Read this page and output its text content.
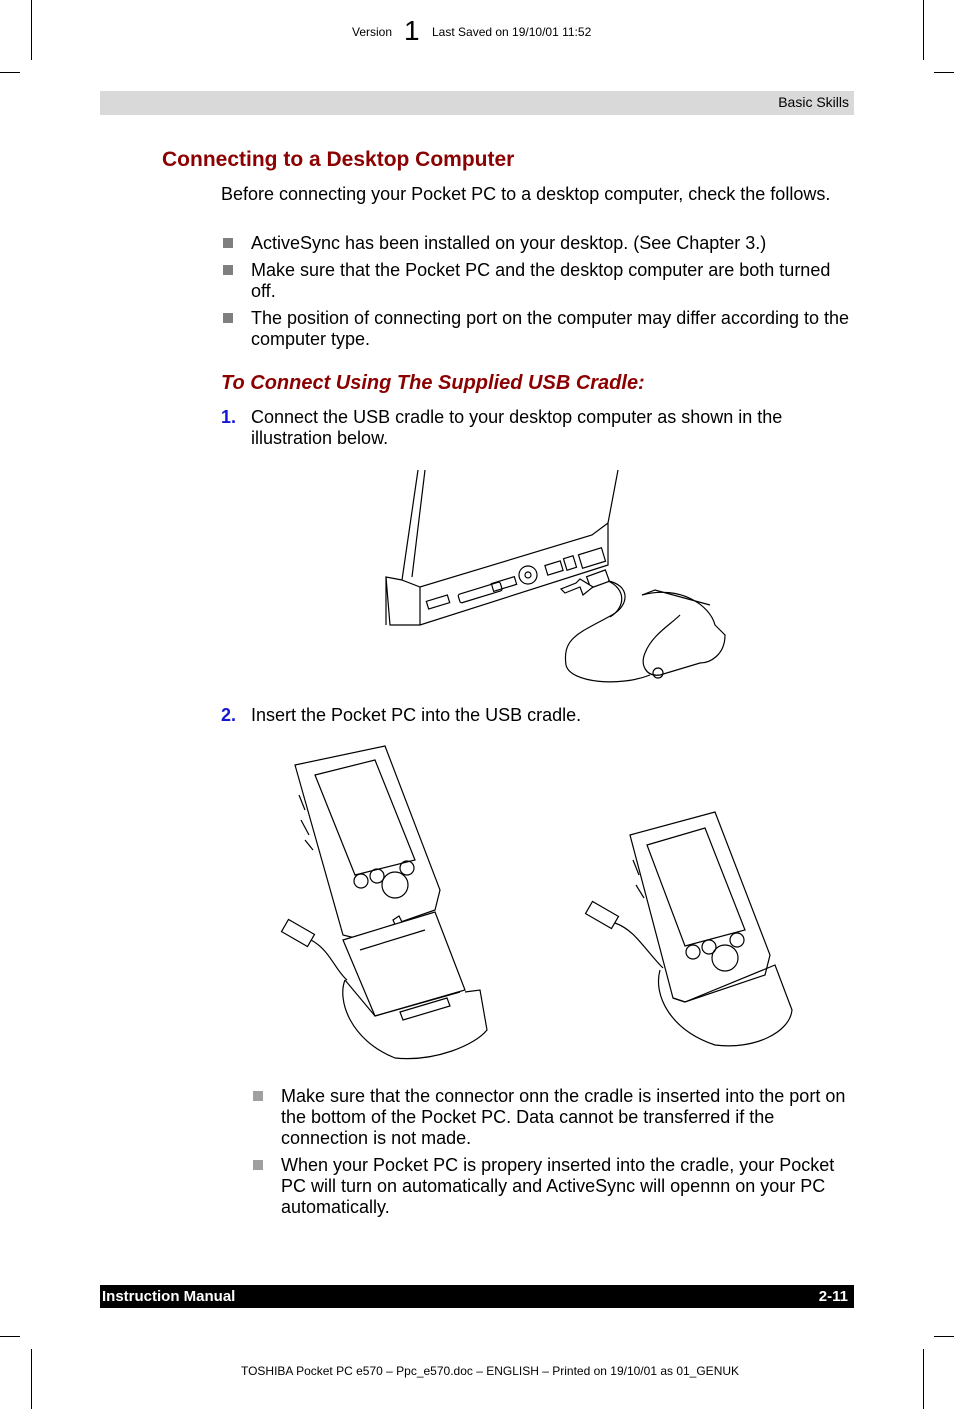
Version 1 Last Saved on 19/10/01 11:52
Basic Skills
Connecting to a Desktop Computer
Before connecting your Pocket PC to a desktop computer, check the follows.
ActiveSync has been installed on your desktop. (See Chapter 3.)
Make sure that the Pocket PC and the desktop computer are both turned off.
The position of connecting port on the computer may differ according to the computer type.
To Connect Using The Supplied USB Cradle:
1. Connect the USB cradle to your desktop computer as shown in the illustration below.
2. Insert the Pocket PC into the USB cradle.
Make sure that the connector onn the cradle is inserted into the port on the bottom of the Pocket PC. Data cannot be transferred if the connection is not made.
When your Pocket PC is propery inserted into the cradle, your Pocket PC will turn on automatically and ActiveSync will opennn on your PC automatically.
Instruction Manual	2-11
TOSHIBA Pocket PC e570 – Ppc_e570.doc – ENGLISH – Printed on 19/10/01 as 01_GENUK
